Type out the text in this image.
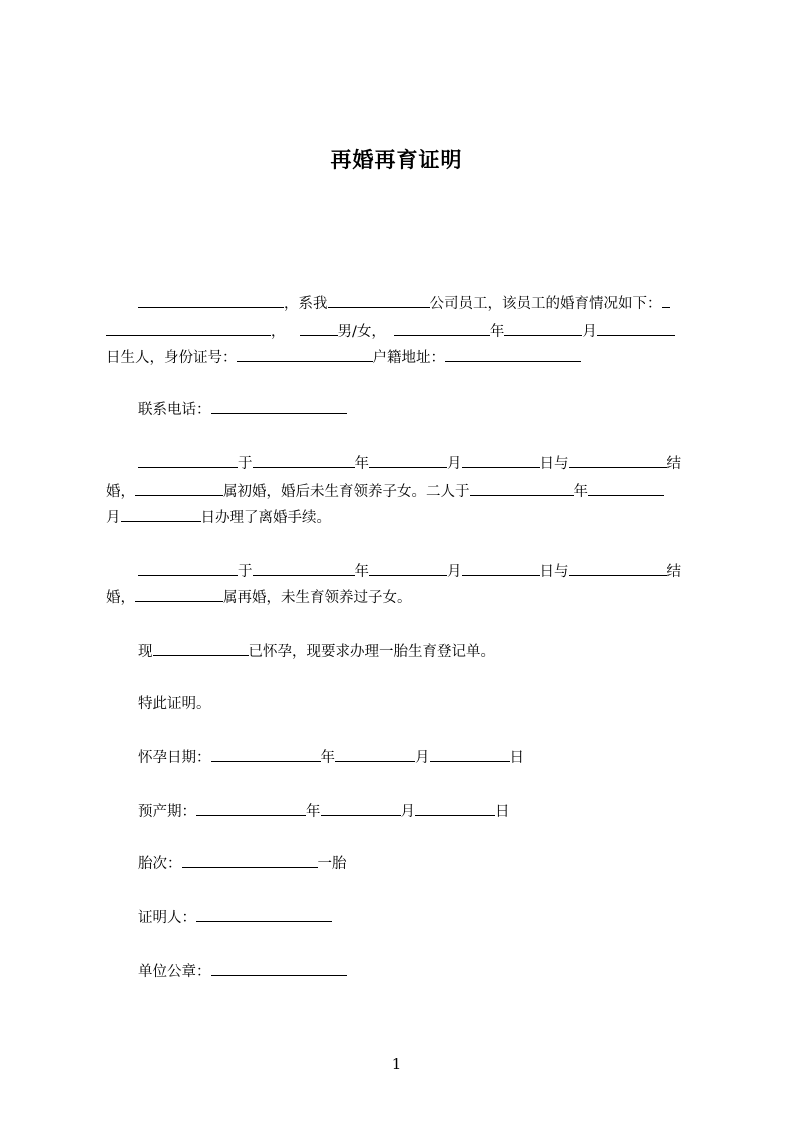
再婚再育证明
，系我	公司员工，该员工的婚育情况如下：
，	男/女，	年	月
日生人，身份证号：	户籍地址：
联系电话：
于	年	月	日与	结
婚，	属初婚，婚后未生育领养子女。二人于	年
月	日办理了离婚手续。
于	年	月	日与	结
婚，	属再婚，未生育领养过子女。
现	已怀孕，现要求办理一胎生育登记单。
特此证明。
怀孕日期：	年	月	日
预产期：	年	月	日
胎次：	一胎
证明人：
单位公章：
1
